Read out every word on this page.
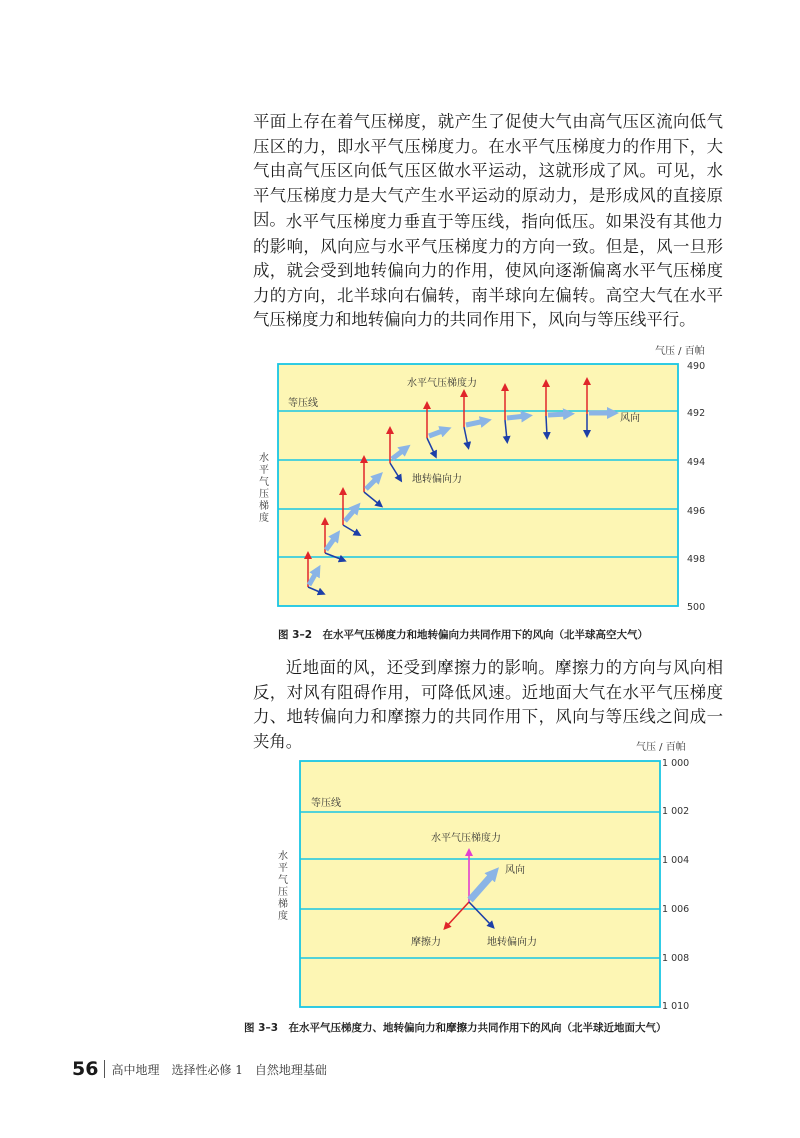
平面上存在着气压梯度，就产生了促使大气由高气压区流向低气压区的力，即水平气压梯度力。在水平气压梯度力的作用下，大气由高气压区向低气压区做水平运动，这就形成了风。可见，水平气压梯度力是大气产生水平运动的原动力，是形成风的直接原因。 水平气压梯度力垂直于等压线，指向低压。如果没有其他力的影响，风向应与水平气压梯度力的方向一致。但是，风一旦形成，就会受到地转偏向力的作用，使风向逐渐偏离水平气压梯度力的方向，北半球向右偏转，南半球向左偏转。高空大气在水平气压梯度力和地转偏向力的共同作用下，风向与等压线平行。

气压 / 百帕
等压线
水平气压梯度力
地转偏向力
风向
490
492
494
496
498
500
水平气压梯度
图 3–2　在水平气压梯度力和地转偏向力共同作用下的风向（北半球高空大气）

近地面的风，还受到摩擦力的影响。摩擦力的方向与风向相反，对风有阻碍作用，可降低风速。近地面大气在水平气压梯度力、地转偏向力和摩擦力的共同作用下，风向与等压线之间成一夹角。	气压 / 百帕
等压线
水平气压梯度力
风向
摩擦力	地转偏向力
1 000
1 002
1 004
1 006
1 008
1 010
水平气压梯度
图 3–3　在水平气压梯度力、地转偏向力和摩擦力共同作用下的风向（北半球近地面大气）
56 高中地理　选择性必修 1　自然地理基础
